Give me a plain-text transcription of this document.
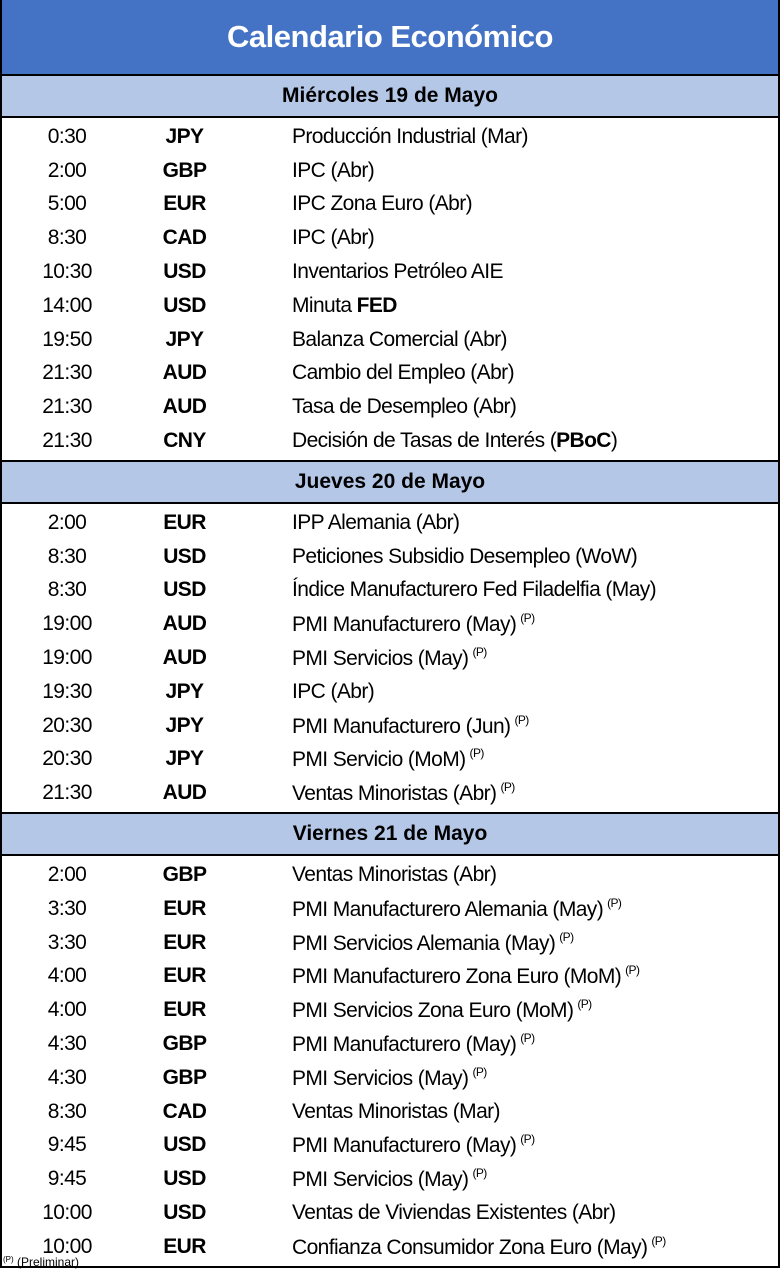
Calendario Económico
Miércoles 19 de Mayo
0:30	JPY	Producción Industrial (Mar)
2:00	GBP	IPC (Abr)
5:00	EUR	IPC Zona Euro (Abr)
8:30	CAD	IPC (Abr)
10:30	USD	Inventarios Petróleo AIE
14:00	USD	Minuta FED
19:50	JPY	Balanza Comercial (Abr)
21:30	AUD	Cambio del Empleo (Abr)
21:30	AUD	Tasa de Desempleo (Abr)
21:30	CNY	Decisión de Tasas de Interés (PBoC)
Jueves 20 de Mayo
2:00	EUR	IPP Alemania (Abr)
8:30	USD	Peticiones Subsidio Desempleo (WoW)
8:30	USD	Índice Manufacturero Fed Filadelfia (May)
19:00	AUD	PMI Manufacturero (May) $^{(P)}$
19:00	AUD	PMI Servicios (May) $^{(P)}$
19:30	JPY	IPC (Abr)
20:30	JPY	PMI Manufacturero (Jun) $^{(P)}$
20:30	JPY	PMI Servicio (MoM) $^{(P)}$
21:30	AUD	Ventas Minoristas (Abr) $^{(P)}$
Viernes 21 de Mayo
2:00	GBP	Ventas Minoristas (Abr)
3:30	EUR	PMI Manufacturero Alemania (May) $^{(P)}$
3:30	EUR	PMI Servicios Alemania (May) $^{(P)}$
4:00	EUR	PMI Manufacturero Zona Euro (MoM) $^{(P)}$
4:00	EUR	PMI Servicios Zona Euro (MoM) $^{(P)}$
4:30	GBP	PMI Manufacturero (May) $^{(P)}$
4:30	GBP	PMI Servicios (May) $^{(P)}$
8:30	CAD	Ventas Minoristas (Mar)
9:45	USD	PMI Manufacturero (May) $^{(P)}$
9:45	USD	PMI Servicios (May) $^{(P)}$
10:00	USD	Ventas de Viviendas Existentes (Abr)
10:00	EUR	Confianza Consumidor Zona Euro (May) $^{(P)}$
$^{(P)}$ (Preliminar)
